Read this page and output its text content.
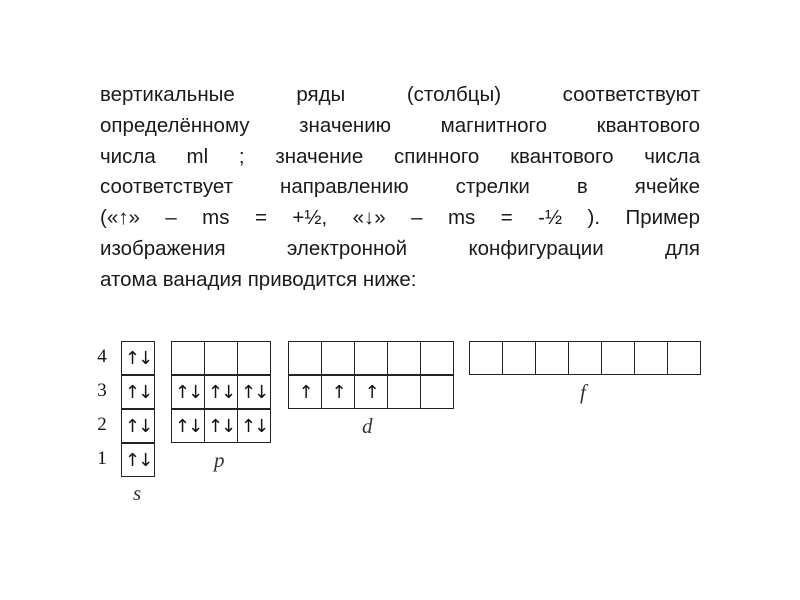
вертикальные ряды (столбцы) соответствуют
определённому значению магнитного квантового
числа ml ; значение спинного квантового числа
соответствует направлению стрелки в ячейке
(«↑» – ms = +½, «↓» – ms = -½ ). Пример
изображения электронной конфигурации для
атома ванадия приводится ниже:
4
3
2
1
↑↓
↑↓
↑↓
↑↓
s
↑↓ ↑↓ ↑↓
↑↓ ↑↓ ↑↓
p
↑	↑	↑
d
f
